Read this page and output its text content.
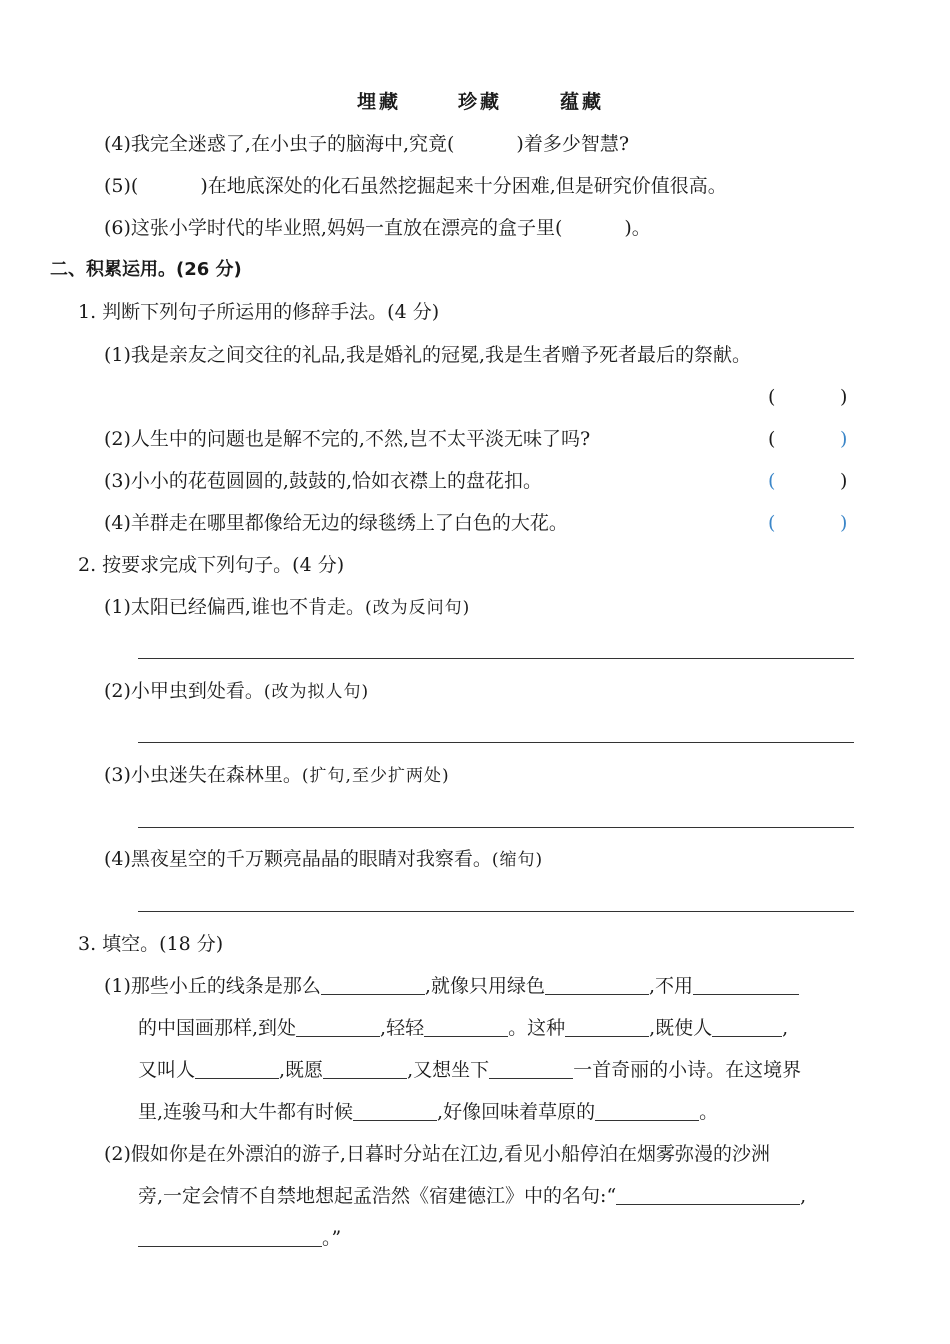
埋藏	珍藏	蕴藏
(4)我完全迷惑了,在小虫子的脑海中,究竟(	)着多少智慧?
(5)(	)在地底深处的化石虽然挖掘起来十分困难,但是研究价值很高。
(6)这张小学时代的毕业照,妈妈一直放在漂亮的盒子里(	)。
二、积累运用。(26 分)
1. 判断下列句子所运用的修辞手法。(4 分)
(1)我是亲友之间交往的礼品,我是婚礼的冠冕,我是生者赠予死者最后的祭献。
(	)
(2)人生中的问题也是解不完的,不然,岂不太平淡无味了吗?	(	)
(3)小小的花苞圆圆的,鼓鼓的,恰如衣襟上的盘花扣。	(	)
(4)羊群走在哪里都像给无边的绿毯绣上了白色的大花。	(	)
2. 按要求完成下列句子。(4 分)
(1)太阳已经偏西,谁也不肯走。(改为反问句)
(2)小甲虫到处看。(改为拟人句)
(3)小虫迷失在森林里。(扩句,至少扩两处)
(4)黑夜星空的千万颗亮晶晶的眼睛对我察看。(缩句)
3. 填空。(18 分)
(1)那些小丘的线条是那么	,就像只用绿色	,不用
的中国画那样,到处	,轻轻	。这种	,既使人	,
又叫人	,既愿	,又想坐下	一首奇丽的小诗。在这境界
里,连骏马和大牛都有时候	,好像回味着草原的	。
(2)假如你是在外漂泊的游子,日暮时分站在江边,看见小船停泊在烟雾弥漫的沙洲
旁,一定会情不自禁地想起孟浩然《宿建德江》中的名句:“	,
。”
